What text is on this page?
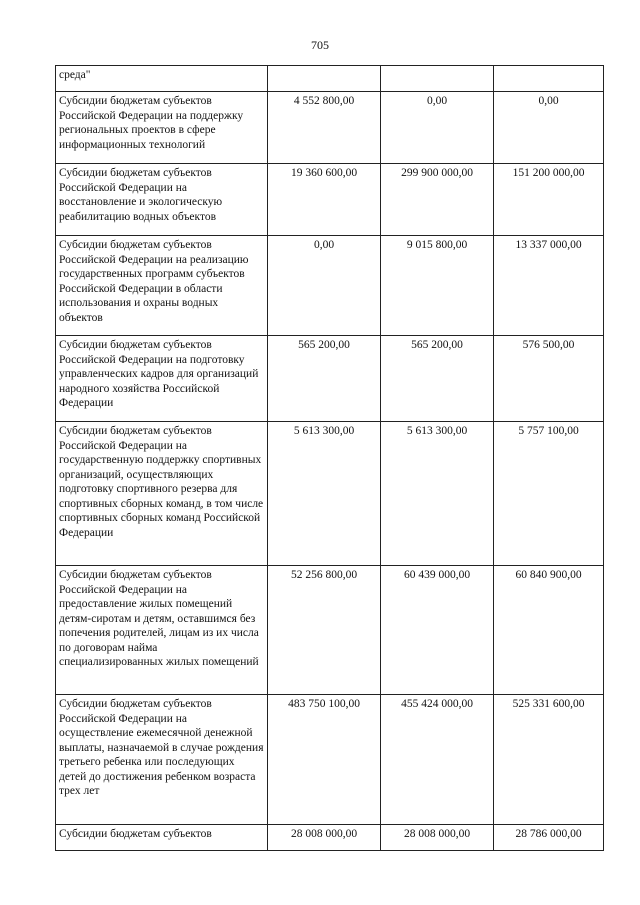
705
среда"			
Субсидии бюджетам субъектов Российской Федерации на поддержку региональных проектов в сфере информационных технологий	4 552 800,00	0,00	0,00
Субсидии бюджетам субъектов Российской Федерации на восстановление и экологическую реабилитацию водных объектов	19 360 600,00	299 900 000,00	151 200 000,00
Субсидии бюджетам субъектов Российской Федерации на реализацию государственных программ субъектов Российской Федерации в области использования и охраны водных объектов	0,00	9 015 800,00	13 337 000,00
Субсидии бюджетам субъектов Российской Федерации на подготовку управленческих кадров для организаций народного хозяйства Российской Федерации	565 200,00	565 200,00	576 500,00
Субсидии бюджетам субъектов Российской Федерации на государственную поддержку спортивных организаций, осуществляющих подготовку спортивного резерва для спортивных сборных команд, в том числе спортивных сборных команд Российской Федерации	5 613 300,00	5 613 300,00	5 757 100,00
Субсидии бюджетам субъектов Российской Федерации на предоставление жилых помещений детям-сиротам и детям, оставшимся без попечения родителей, лицам из их числа по договорам найма специализированных жилых помещений	52 256 800,00	60 439 000,00	60 840 900,00
Субсидии бюджетам субъектов Российской Федерации на осуществление ежемесячной денежной выплаты, назначаемой в случае рождения третьего ребенка или последующих детей до достижения ребенком возраста трех лет	483 750 100,00	455 424 000,00	525 331 600,00
Субсидии бюджетам субъектов	28 008 000,00	28 008 000,00	28 786 000,00
